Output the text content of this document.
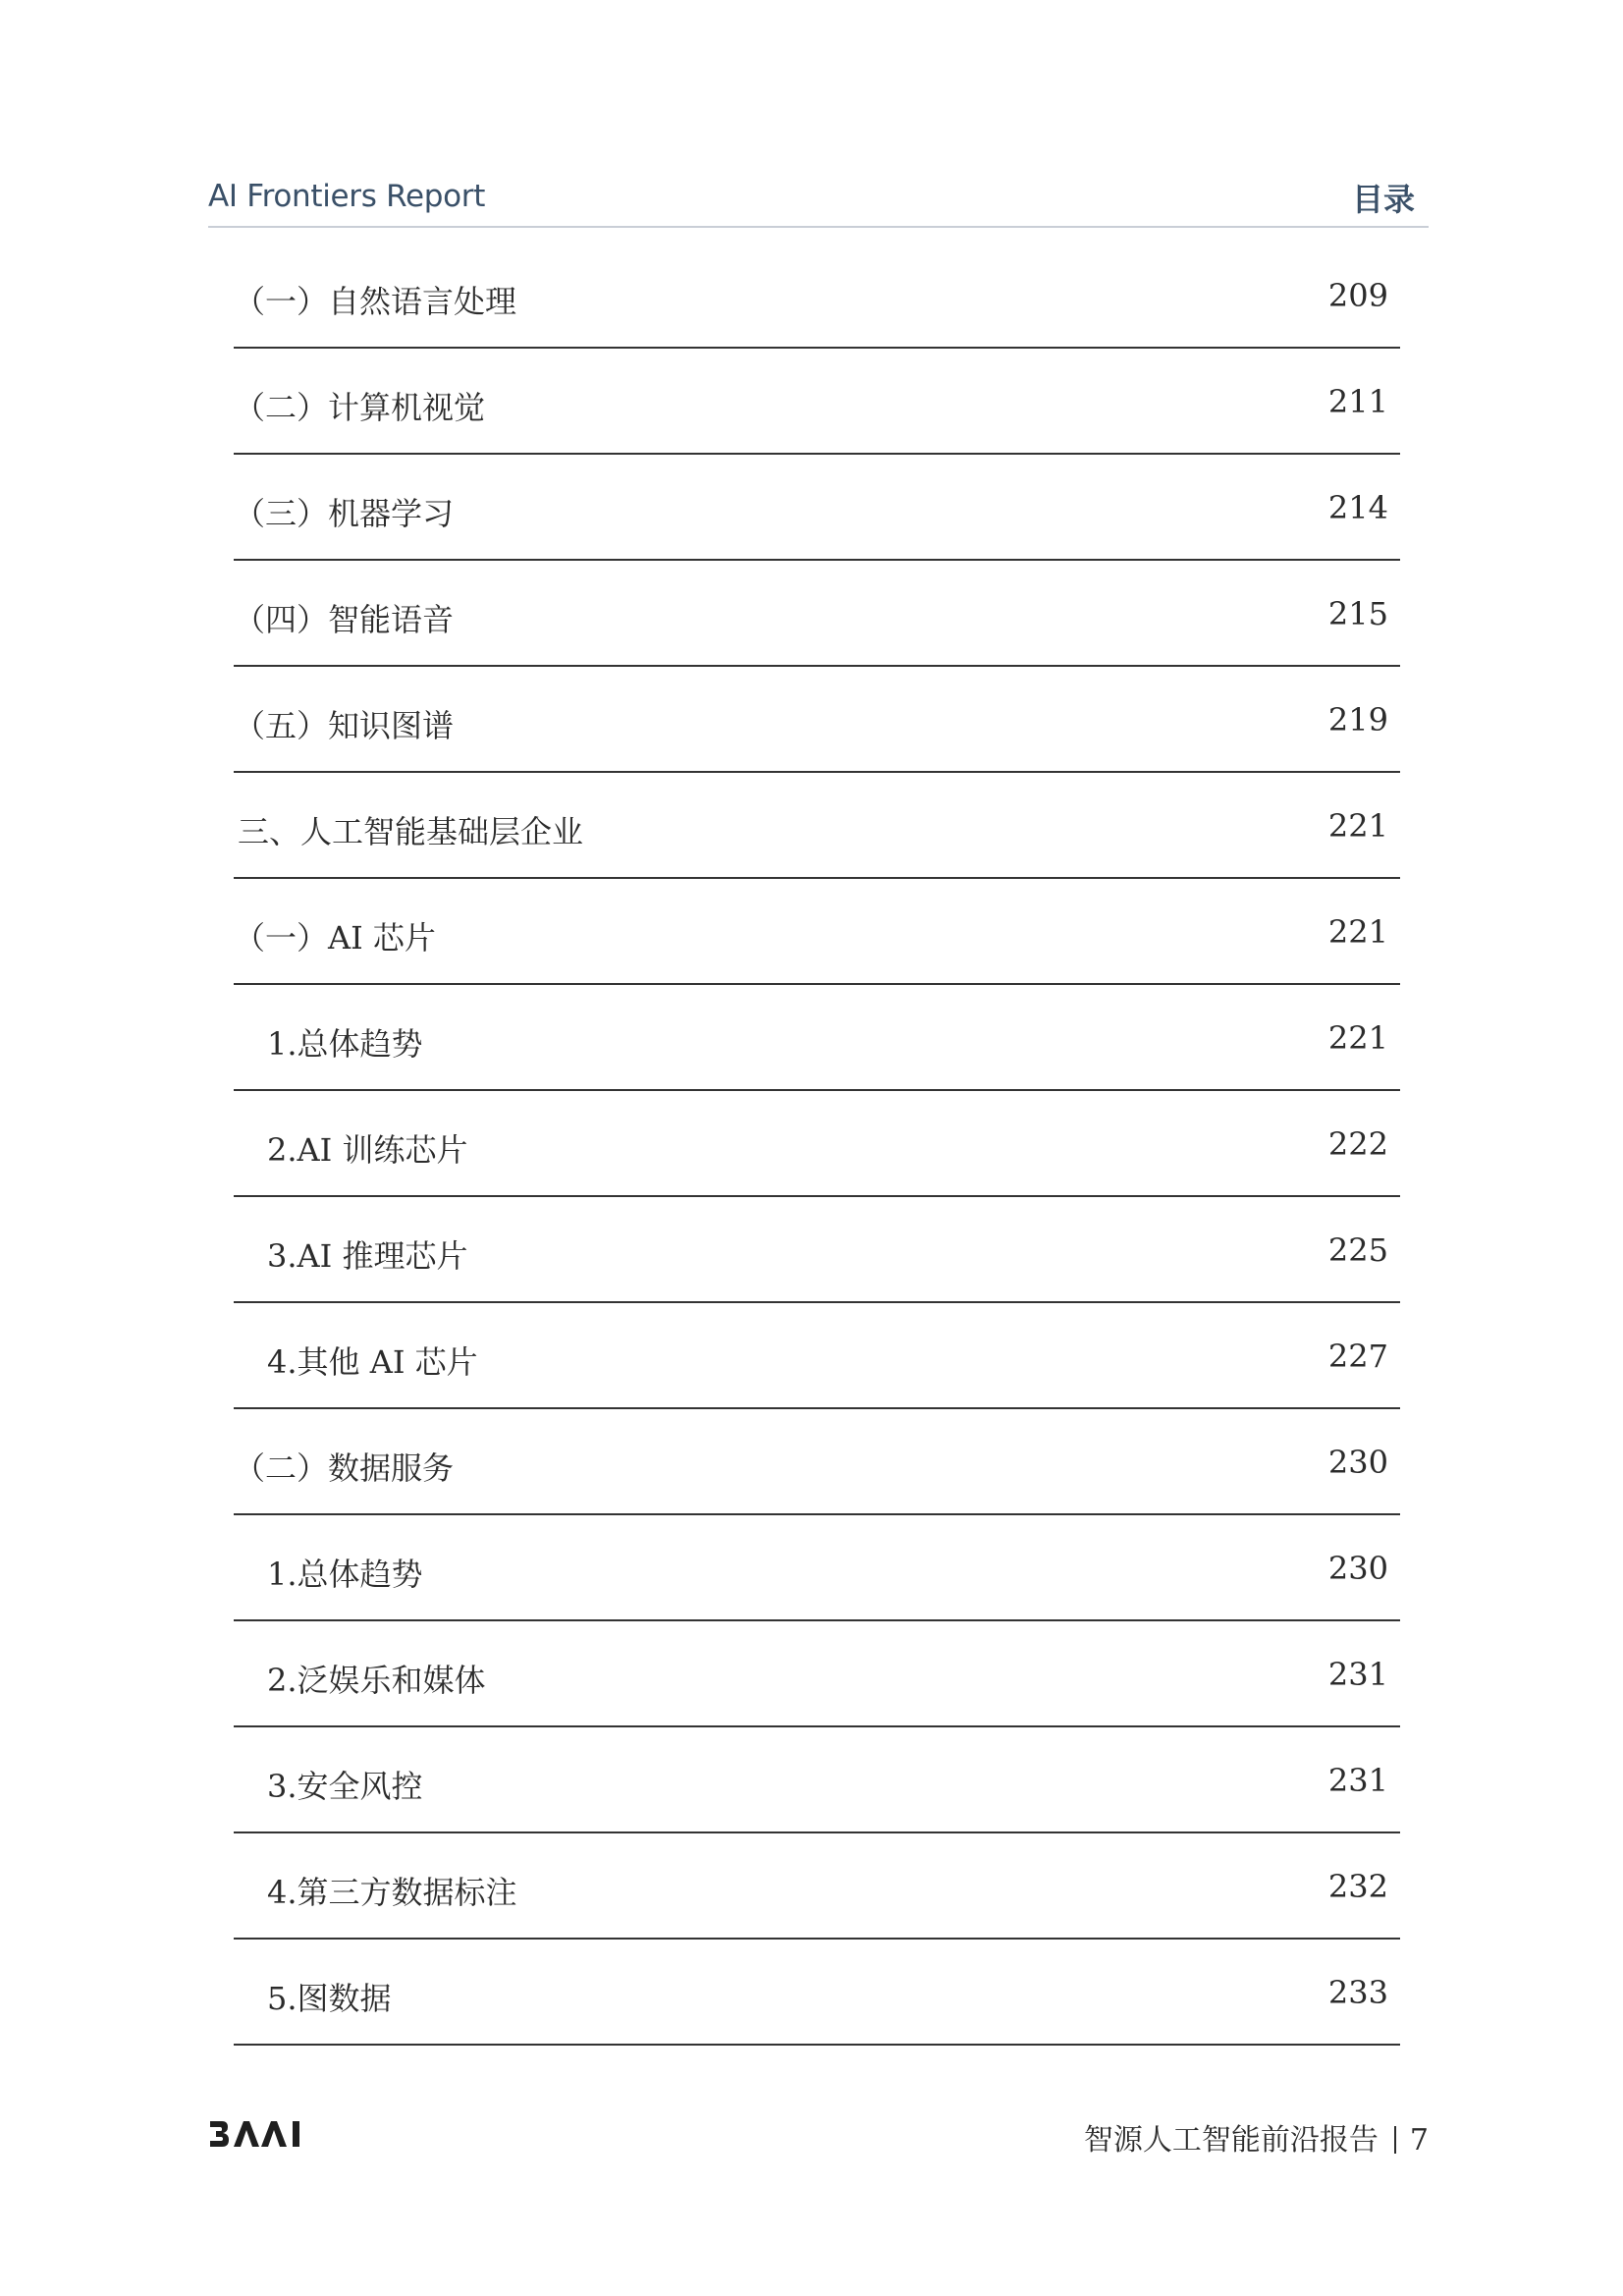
AI Frontiers Report	目录
（一）自然语言处理	209
（二）计算机视觉	211
（三）机器学习	214
（四）智能语音	215
（五）知识图谱	219
三、人工智能基础层企业	221
（一）AI 芯片	221
1.总体趋势	221
2.AI 训练芯片	222
3.AI 推理芯片	225
4.其他 AI 芯片	227
（二）数据服务	230
1.总体趋势	230
2.泛娱乐和媒体	231
3.安全风控	231
4.第三方数据标注	232
5.图数据	233
智源人工智能前沿报告 7
